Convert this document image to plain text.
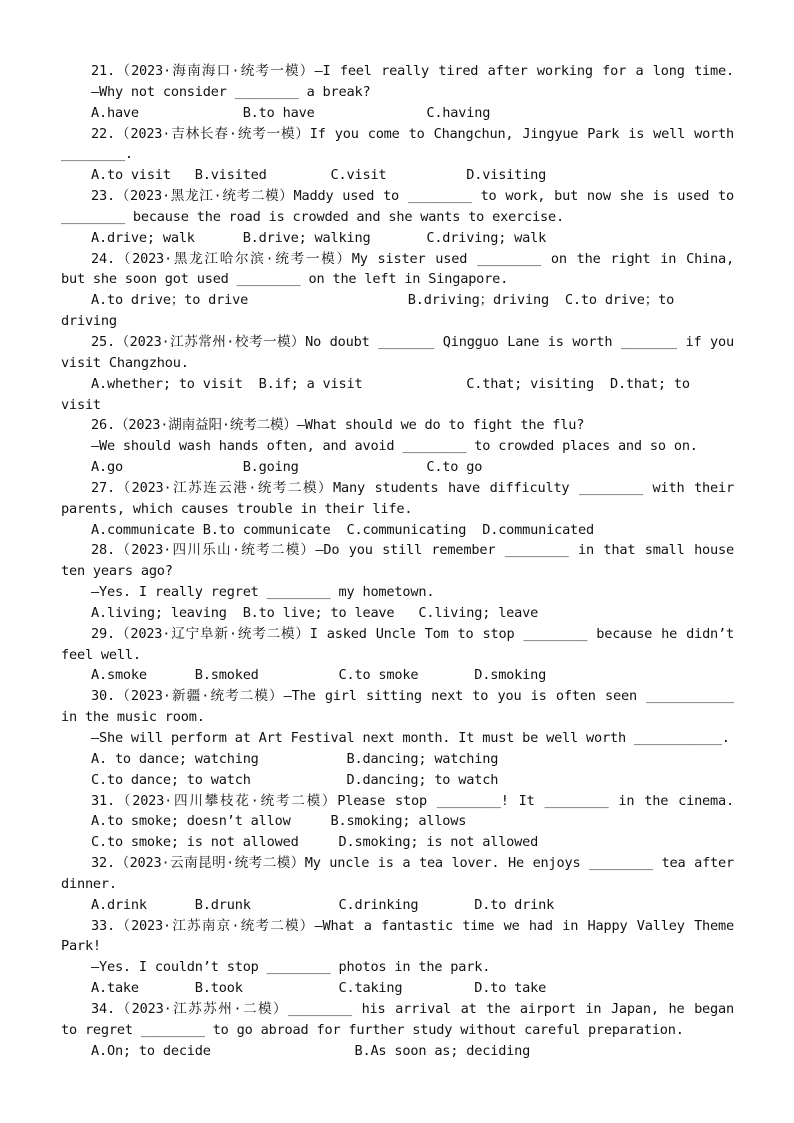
21.（2023·海南海口·统考一模）—I feel really tired after working for a long time.
—Why not consider ________ a break?
A.have             B.to have              C.having
22.（2023·吉林长春·统考一模）If you come to Changchun, Jingyue Park is well worth
________.
A.to visit   B.visited        C.visit          D.visiting
23.（2023·黑龙江·统考二模）Maddy used to ________ to work, but now she is used to
________ because the road is crowded and she wants to exercise.
A.drive; walk      B.drive; walking       C.driving; walk
24.（2023·黑龙江哈尔滨·统考一模）My sister used ________ on the right in China,
but she soon got used ________ on the left in Singapore.
A.to drive；to drive                    B.driving；driving  C.to drive；to
driving
25.（2023·江苏常州·校考一模）No doubt _______ Qingguo Lane is worth _______ if you
visit Changzhou.
A.whether; to visit  B.if; a visit             C.that; visiting  D.that; to
visit
26.（2023·湖南益阳·统考二模）—What should we do to fight the flu?
—We should wash hands often, and avoid ________ to crowded places and so on.
A.go               B.going                C.to go
27.（2023·江苏连云港·统考二模）Many students have difficulty ________ with their
parents, which causes trouble in their life.
A.communicate B.to communicate  C.communicating  D.communicated
28.（2023·四川乐山·统考二模）—Do you still remember ________ in that small house
ten years ago?
—Yes. I really regret ________ my hometown.
A.living; leaving  B.to live; to leave   C.living; leave
29.（2023·辽宁阜新·统考二模）I asked Uncle Tom to stop ________ because he didn’t
feel well.
A.smoke      B.smoked          C.to smoke       D.smoking
30.（2023·新疆·统考二模）—The girl sitting next to you is often seen ___________
in the music room.
—She will perform at Art Festival next month. It must be well worth ___________.
A. to dance; watching           B.dancing; watching
C.to dance; to watch            D.dancing; to watch
31.（2023·四川攀枝花·统考二模）Please stop ________! It ________ in the cinema.
A.to smoke; doesn’t allow     B.smoking; allows
C.to smoke; is not allowed     D.smoking; is not allowed
32.（2023·云南昆明·统考二模）My uncle is a tea lover. He enjoys ________ tea after
dinner.
A.drink      B.drunk           C.drinking       D.to drink
33.（2023·江苏南京·统考二模）—What a fantastic time we had in Happy Valley Theme
Park!
—Yes. I couldn’t stop ________ photos in the park.
A.take       B.took            C.taking         D.to take
34.（2023·江苏苏州·二模）________ his arrival at the airport in Japan, he began
to regret ________ to go abroad for further study without careful preparation.
A.On; to decide                  B.As soon as; deciding
